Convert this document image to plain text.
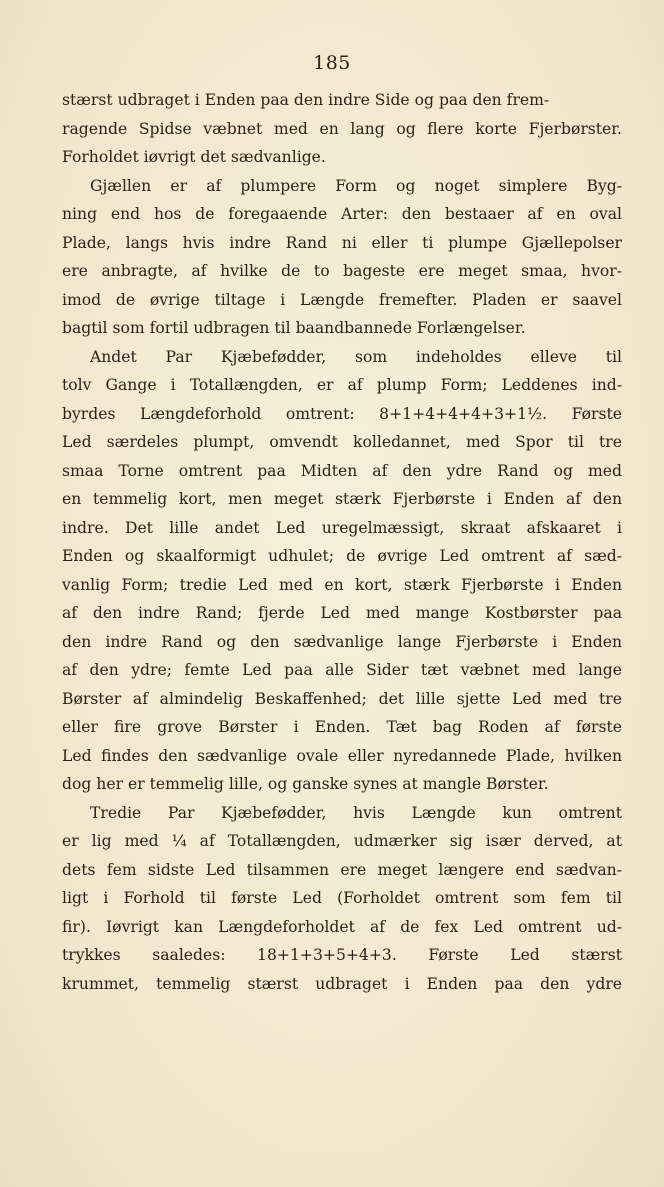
185
stærst udbraget i Enden paa den indre Side og paa den frem-
ragende Spidse væbnet med en lang og flere korte Fjerbørster.
Forholdet iøvrigt det sædvanlige.
Gjællen er af plumpere Form og noget simplere Byg-
ning end hos de foregaaende Arter: den bestaaer af en oval
Plade, langs hvis indre Rand ni eller ti plumpe Gjællepolser
ere anbragte, af hvilke de to bageste ere meget smaa, hvor-
imod de øvrige tiltage i Længde fremefter. Pladen er saavel
bagtil som fortil udbragen til baandbannede Forlængelser.
Andet Par Kjæbefødder, som indeholdes elleve til
tolv Gange i Totallængden, er af plump Form; Leddenes ind-
byrdes Længdeforhold omtrent: 8+1+4+4+4+3+1½. Første
Led særdeles plumpt, omvendt kolledannet, med Spor til tre
smaa Torne omtrent paa Midten af den ydre Rand og med
en temmelig kort, men meget stærk Fjerbørste i Enden af den
indre. Det lille andet Led uregelmæssigt, skraat afskaaret i
Enden og skaalformigt udhulet; de øvrige Led omtrent af sæd-
vanlig Form; tredie Led med en kort, stærk Fjerbørste i Enden
af den indre Rand; fjerde Led med mange Kostbørster paa
den indre Rand og den sædvanlige lange Fjerbørste i Enden
af den ydre; femte Led paa alle Sider tæt væbnet med lange
Børster af almindelig Beskaffenhed; det lille sjette Led med tre
eller fire grove Børster i Enden. Tæt bag Roden af første
Led findes den sædvanlige ovale eller nyredannede Plade, hvilken
dog her er temmelig lille, og ganske synes at mangle Børster.
Tredie Par Kjæbefødder, hvis Længde kun omtrent
er lig med ¼ af Totallængden, udmærker sig især derved, at
dets fem sidste Led tilsammen ere meget længere end sædvan-
ligt i Forhold til første Led (Forholdet omtrent som fem til
fir). Iøvrigt kan Længdeforholdet af de fex Led omtrent ud-
trykkes saaledes: 18+1+3+5+4+3. Første Led stærst
krummet, temmelig stærst udbraget i Enden paa den ydre
